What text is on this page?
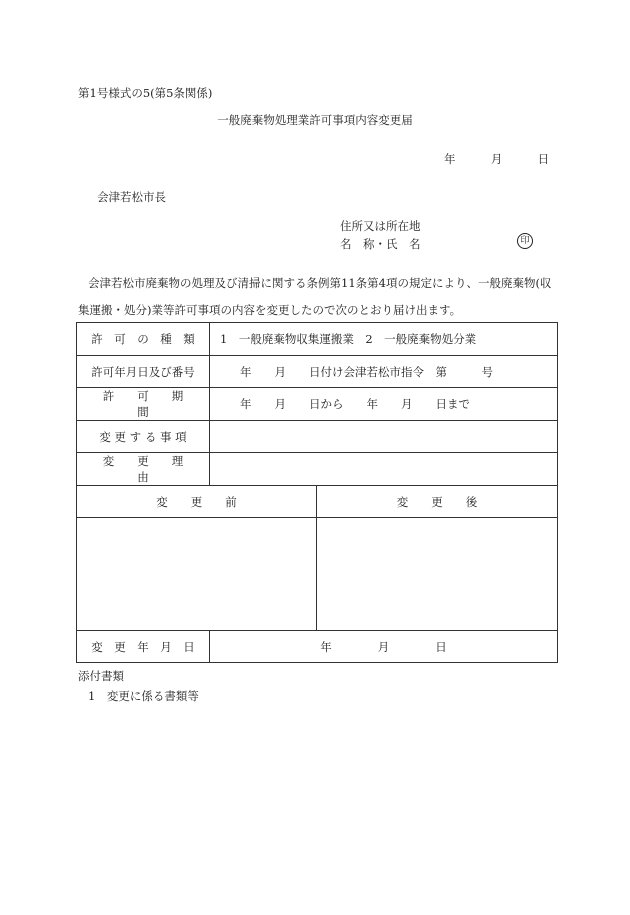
第1号様式の5(第5条関係)
一般廃棄物処理業許可事項内容変更届
年	月	日
会津若松市長
住所又は所在地
名　称・氏　名	印
会津若松市廃棄物の処理及び清掃に関する条例第11条第4項の規定により、一般廃棄物(収集運搬・処分)業等許可事項の内容を変更したので次のとおり届け出ます。
許　可　の　種　類	1　一般廃棄物収集運搬業　2　一般廃棄物処分業	
許可年月日及び番号	年　　月　　日付け会津若松市指令　第　　　号	
許　　可　　期　　間	年　　月　　日から　　年　　月　　日まで	
変 更 す る 事 項		
変　　更　　理　　由		
変　　更　　前		変　　更　　後

変　更　年　月　日	年　　　　月　　　　日	
添付書類
1　変更に係る書類等
